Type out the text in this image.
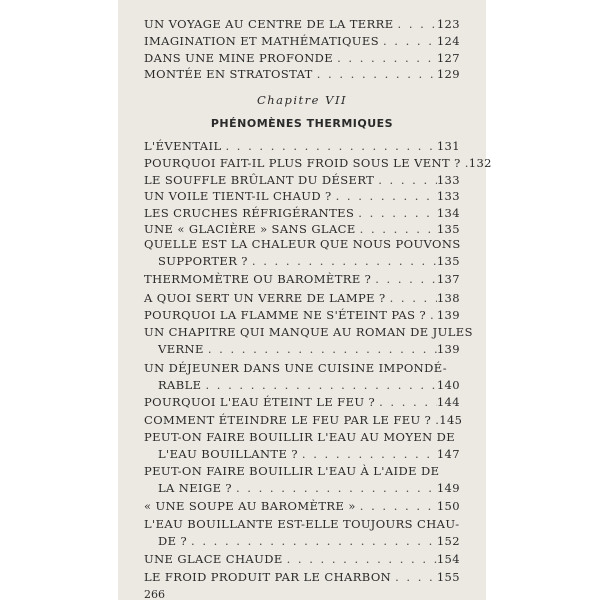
UN VOYAGE AU CENTRE DE LA TERRE . . .	123
IMAGINATION ET MATHÉMATIQUES . . .	124
DANS UNE MINE PROFONDE . . .	127
MONTÉE EN STRATOSTAT . . .	129
Chapitre VII
PHÉNOMÈNES THERMIQUES
L'ÉVENTAIL . . .	131
POURQUOI FAIT-IL PLUS FROID SOUS LE VENT ? . . . 132
LE SOUFFLE BRÛLANT DU DÉSERT . . .	133
UN VOILE TIENT-IL CHAUD ? . . .	133
LES CRUCHES RÉFRIGÉRANTES . . .	134
UNE « GLACIÈRE » SANS GLACE . . .	135
QUELLE EST LA CHALEUR QUE NOUS POUVONS
SUPPORTER ? . . .	135
THERMOMÈTRE OU BAROMÈTRE ? . . .	137
A QUOI SERT UN VERRE DE LAMPE ? . . .	138
POURQUOI LA FLAMME NE S'ÉTEINT PAS ? . . . 139
UN CHAPITRE QUI MANQUE AU ROMAN DE JULES
VERNE . . .	139
UN DÉJEUNER DANS UNE CUISINE IMPONDÉ-
RABLE . . .	140
POURQUOI L'EAU ÉTEINT LE FEU ? . . .	144
COMMENT ÉTEINDRE LE FEU PAR LE FEU ? . . . 145
PEUT-ON FAIRE BOUILLIR L'EAU AU MOYEN DE
L'EAU BOUILLANTE ? . . .	147
PEUT-ON FAIRE BOUILLIR L'EAU À L'AIDE DE
LA NEIGE ? . . .	149
« UNE SOUPE AU BAROMÈTRE » . . .	150
L'EAU BOUILLANTE EST-ELLE TOUJOURS CHAU-
DE ? . . .	152
UNE GLACE CHAUDE . . .	154
LE FROID PRODUIT PAR LE CHARBON . . .	155
266
